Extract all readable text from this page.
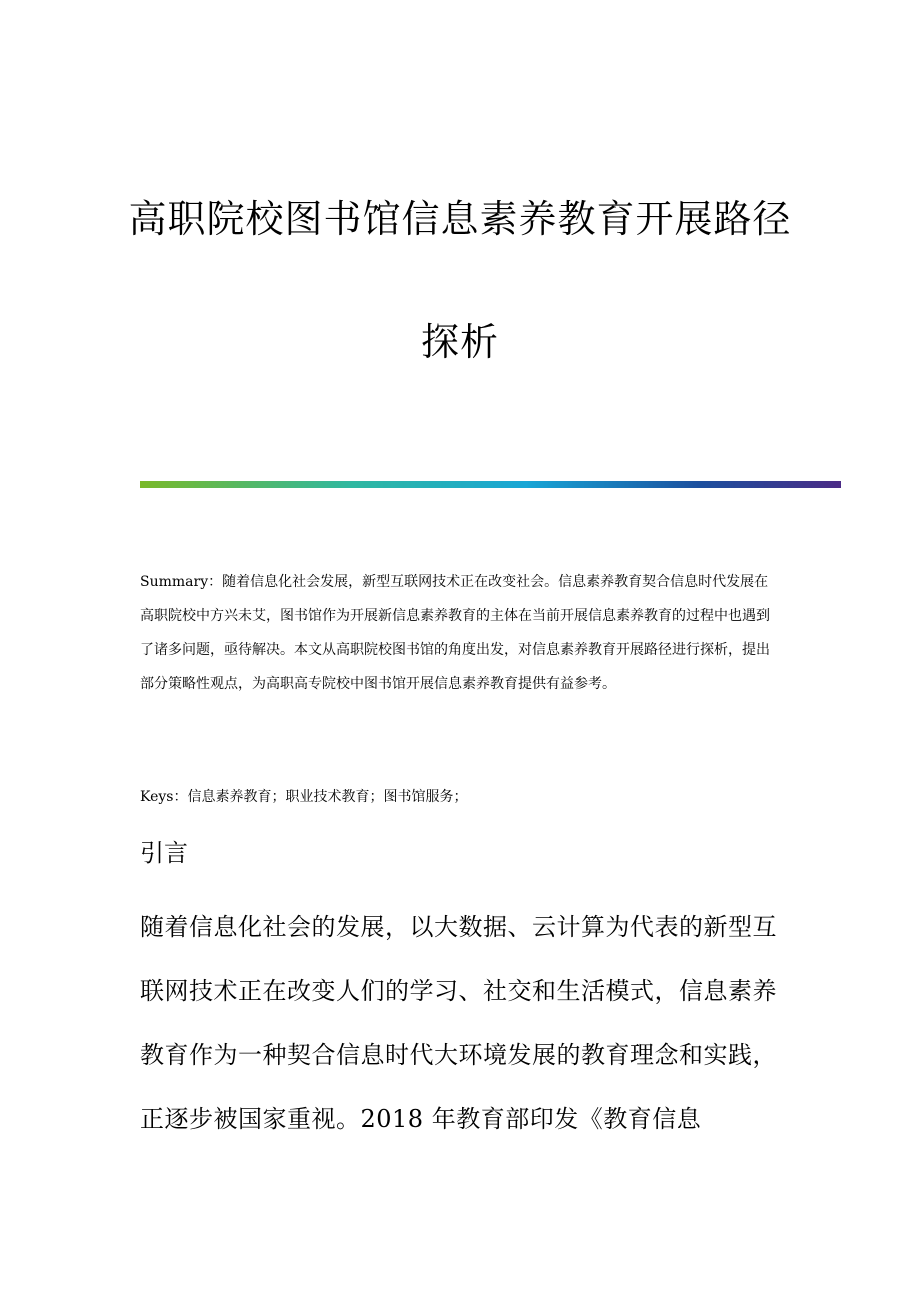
高职院校图书馆信息素养教育开展路径
探析

Summary：随着信息化社会发展，新型互联网技术正在改变社会。信息素养教育契合信息时代发展在高职院校中方兴未艾，图书馆作为开展新信息素养教育的主体在当前开展信息素养教育的过程中也遇到了诸多问题，亟待解决。本文从高职院校图书馆的角度出发，对信息素养教育开展路径进行探析，提出部分策略性观点，为高职高专院校中图书馆开展信息素养教育提供有益参考。

Keys：信息素养教育；职业技术教育；图书馆服务；

引言

随着信息化社会的发展，以大数据、云计算为代表的新型互联网技术正在改变人们的学习、社交和生活模式，信息素养教育作为一种契合信息时代大环境发展的教育理念和实践，正逐步被国家重视。2018 年教育部印发《教育信息
